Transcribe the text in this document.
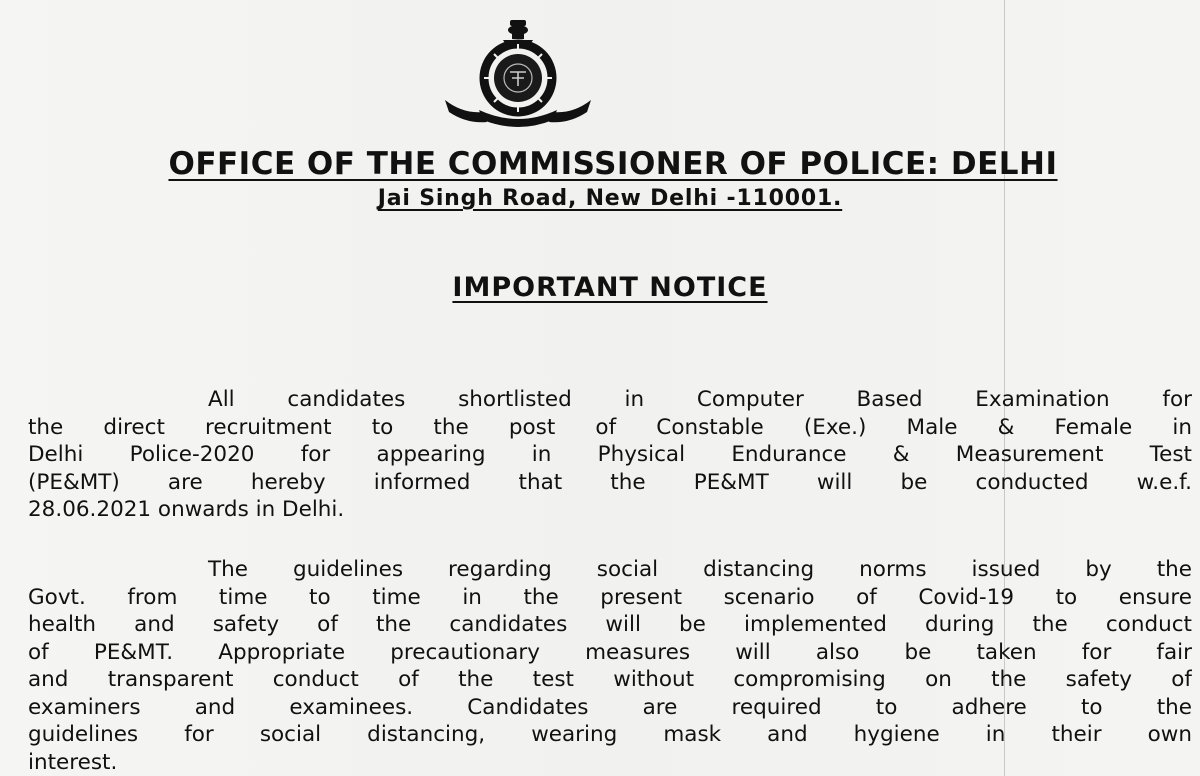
OFFICE OF THE COMMISSIONER OF POLICE: DELHI
Jai Singh Road, New Delhi -110001.
IMPORTANT NOTICE
All candidates shortlisted in Computer Based Examination for
the direct recruitment to the post of Constable (Exe.) Male & Female in
Delhi Police-2020 for appearing in Physical Endurance & Measurement Test
(PE&MT) are hereby informed that the PE&MT will be conducted w.e.f.
28.06.2021 onwards in Delhi.
The guidelines regarding social distancing norms issued by the
Govt. from time to time in the present scenario of Covid-19 to ensure
health and safety of the candidates will be implemented during the conduct
of PE&MT. Appropriate precautionary measures will also be taken for fair
and transparent conduct of the test without compromising on the safety of
examiners and examinees. Candidates are required to adhere to the
guidelines for social distancing, wearing mask and hygiene in their own
interest.
